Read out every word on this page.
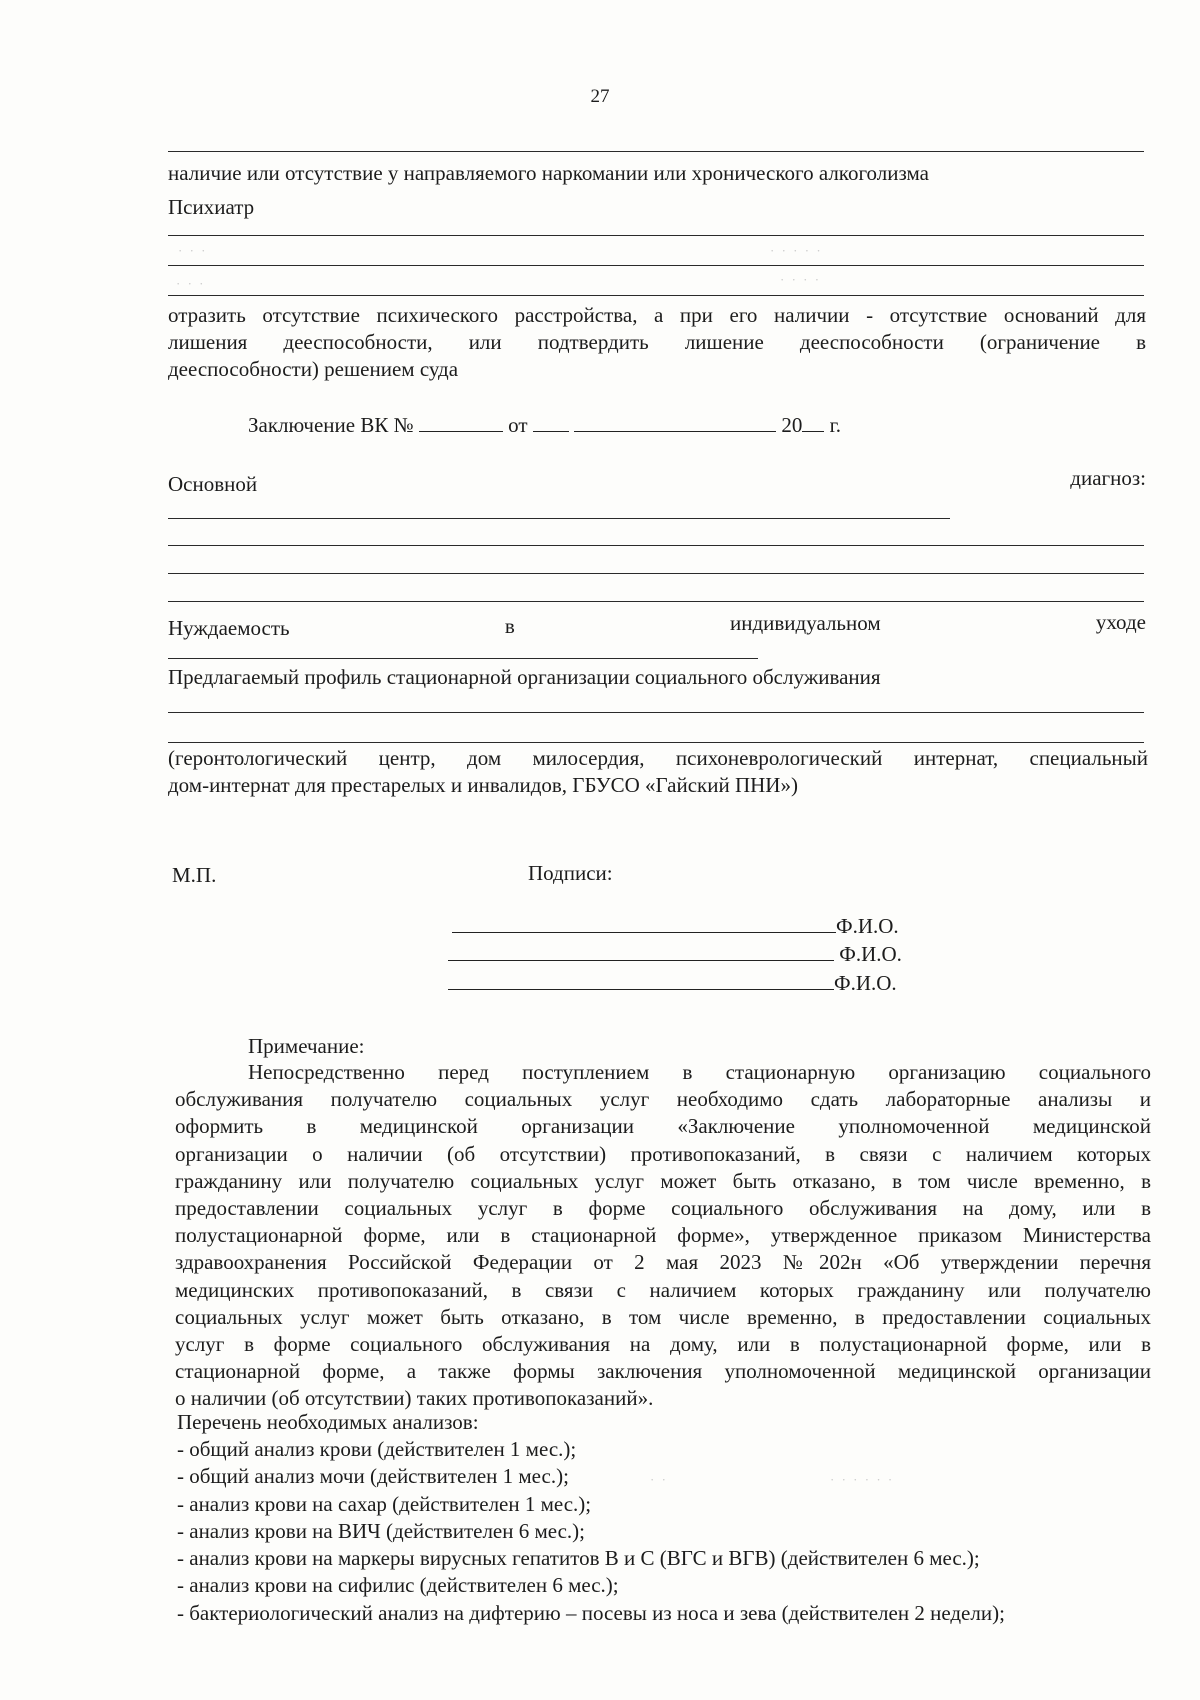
27
наличие или отсутствие у направляемого наркомании или хронического алкоголизма
Психиатр
· · ·	· · · · ·
· · ·	· · · ·

отразить отсутствие психического расстройства, а при его наличии - отсутствие оснований для

лишения дееспособности, или подтвердить лишение дееспособности (ограничение в

дееспособности) решением суда

Заключение ВК №	от	20 г.
Основной	диагноз:
Нуждаемость	в	индивидуальном	уходе
Предлагаемый профиль стационарной организации социального обслуживания

(геронтологический центр, дом милосердия, психоневрологический интернат, специальный

дом-интернат для престарелых и инвалидов, ГБУСО «Гайский ПНИ»)

М.П.	Подписи:
Ф.И.О.
Ф.И.О.
Ф.И.О.
Примечание:

Непосредственно перед поступлением в стационарную организацию социального

обслуживания получателю социальных услуг необходимо сдать лабораторные анализы и

оформить в медицинской организации «Заключение уполномоченной медицинской

организации о наличии (об отсутствии) противопоказаний, в связи с наличием которых

гражданину или получателю социальных услуг может быть отказано, в том числе временно, в

предоставлении социальных услуг в форме социального обслуживания на дому, или в

полустационарной форме, или в стационарной форме», утвержденное приказом Министерства

здравоохранения Российской Федерации от 2 мая 2023 №202н «Об утверждении перечня

медицинских противопоказаний, в связи с наличием которых гражданину или получателю

социальных услуг может быть отказано, в том числе временно, в предоставлении социальных

услуг в форме социального обслуживания на дому, или в полустационарной форме, или в

стационарной форме, а также формы заключения уполномоченной медицинской организации

о наличии (об отсутствии) таких противопоказаний».

Перечень необходимых анализов:
- общий анализ крови (действителен 1 мес.);
- общий анализ мочи (действителен 1 мес.);
- анализ крови на сахар (действителен 1 мес.);
- анализ крови на ВИЧ (действителен 6 мес.);
- анализ крови на маркеры вирусных гепатитов В и С (ВГС и ВГВ) (действителен 6 мес.);
- анализ крови на сифилис (действителен 6 мес.);
- бактериологический анализ на дифтерию – посевы из носа и зева (действителен 2 недели);
· ·	· · · · · ·
